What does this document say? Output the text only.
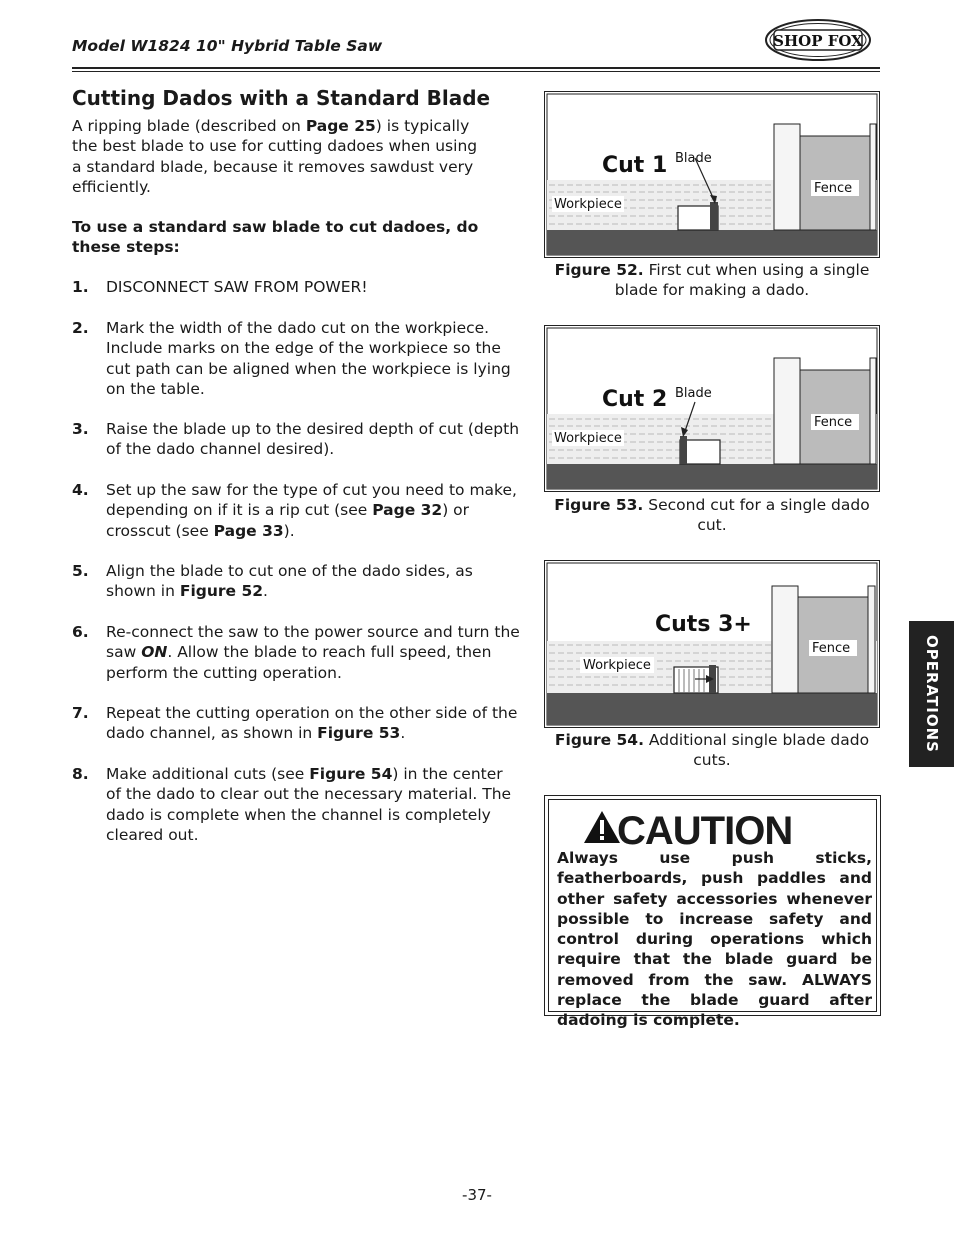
Model W1824 10" Hybrid Table Saw	SHOP FOX
Cutting Dados with a Standard Blade
A ripping blade (described on Page 25) is typically the best blade to use for cutting dadoes when using a standard blade, because it removes sawdust very efficiently.
To use a standard saw blade to cut dadoes, do these steps:
1. DISCONNECT SAW FROM POWER!
2. Mark the width of the dado cut on the workpiece. Include marks on the edge of the workpiece so the cut path can be aligned when the workpiece is lying on the table.
3. Raise the blade up to the desired depth of cut (depth of the dado channel desired).
4. Set up the saw for the type of cut you need to make, depending on if it is a rip cut (see Page 32) or crosscut (see Page 33).
5. Align the blade to cut one of the dado sides, as shown in Figure 52.
6. Re-connect the saw to the power source and turn the saw ON. Allow the blade to reach full speed, then perform the cutting operation.
7. Repeat the cutting operation on the other side of the dado channel, as shown in Figure 53.
8. Make additional cuts (see Figure 54) in the center of the dado to clear out the necessary material. The dado is complete when the channel is completely cleared out.
Cut 1 Blade
Fence
Workpiece
Figure 52. First cut when using a single blade for making a dado.
Cut 2 Blade
Fence
Workpiece
Figure 53. Second cut for a single dado cut.
Cuts 3+
Fence
Workpiece
Figure 54. Additional single blade dado cuts.
CAUTION
Always use push sticks, featherboards, push paddles and other safety accessories whenever possible to increase safety and control during operations which require that the blade guard be removed from the saw. ALWAYS replace the blade guard after dadoing is complete.
OPERATIONS
-37-
